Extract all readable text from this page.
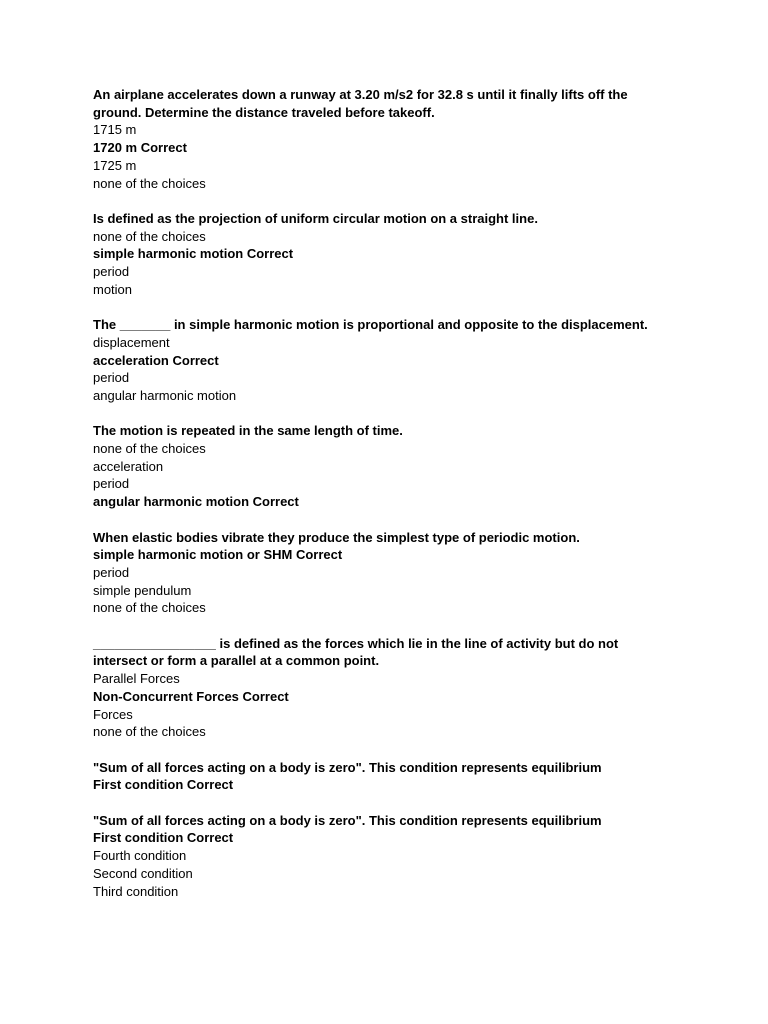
An airplane accelerates down a runway at 3.20 m/s2 for 32.8 s until it finally lifts off the ground. Determine the distance traveled before takeoff.

1715 m

1720 m Correct

1725 m

none of the choices

Is defined as the projection of uniform circular motion on a straight line.

none of the choices

simple harmonic motion Correct

period

motion

The _______ in simple harmonic motion is proportional and opposite to the displacement.

displacement

acceleration Correct

period

angular harmonic motion

The motion is repeated in the same length of time.

none of the choices

acceleration

period

angular harmonic motion Correct

When elastic bodies vibrate they produce the simplest type of periodic motion.

simple harmonic motion or SHM Correct

period

simple pendulum

none of the choices

_________________ is defined as the forces which lie in the line of activity but do not intersect or form a parallel at a common point.

Parallel Forces

Non-Concurrent Forces Correct

Forces

none of the choices

"Sum of all forces acting on a body is zero". This condition represents equilibrium

First condition Correct

"Sum of all forces acting on a body is zero". This condition represents equilibrium

First condition Correct

Fourth condition

Second condition

Third condition
